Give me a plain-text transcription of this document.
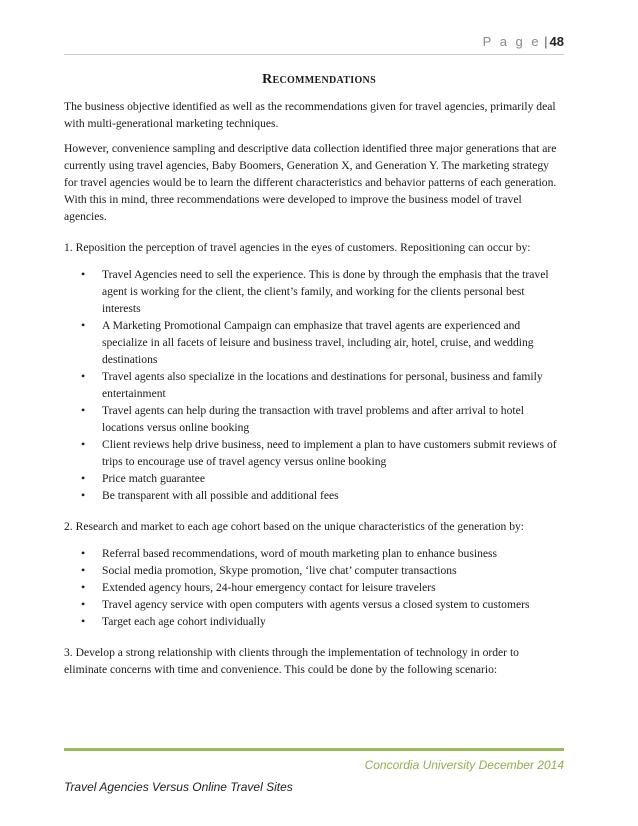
P a g e | 48
Recommendations

The business objective identified as well as the recommendations given for travel agencies, primarily deal with multi-generational marketing techniques.

However, convenience sampling and descriptive data collection identified three major generations that are currently using travel agencies, Baby Boomers, Generation X, and Generation Y. The marketing strategy for travel agencies would be to learn the different characteristics and behavior patterns of each generation. With this in mind, three recommendations were developed to improve the business model of travel agencies.

1. Reposition the perception of travel agencies in the eyes of customers. Repositioning can occur by:

• Travel Agencies need to sell the experience. This is done by through the emphasis that the travel agent is working for the client, the client’s family, and working for the clients personal best interests
• A Marketing Promotional Campaign can emphasize that travel agents are experienced and specialize in all facets of leisure and business travel, including air, hotel, cruise, and wedding destinations
• Travel agents also specialize in the locations and destinations for personal, business and family entertainment
• Travel agents can help during the transaction with travel problems and after arrival to hotel locations versus online booking
• Client reviews help drive business, need to implement a plan to have customers submit reviews of trips to encourage use of travel agency versus online booking
• Price match guarantee
• Be transparent with all possible and additional fees

2. Research and market to each age cohort based on the unique characteristics of the generation by:

• Referral based recommendations, word of mouth marketing plan to enhance business
• Social media promotion, Skype promotion, ‘live chat’ computer transactions
• Extended agency hours, 24-hour emergency contact for leisure travelers
• Travel agency service with open computers with agents versus a closed system to customers
• Target each age cohort individually

3. Develop a strong relationship with clients through the implementation of technology in order to eliminate concerns with time and convenience. This could be done by the following scenario:

Concordia University December 2014
Travel Agencies Versus Online Travel Sites
